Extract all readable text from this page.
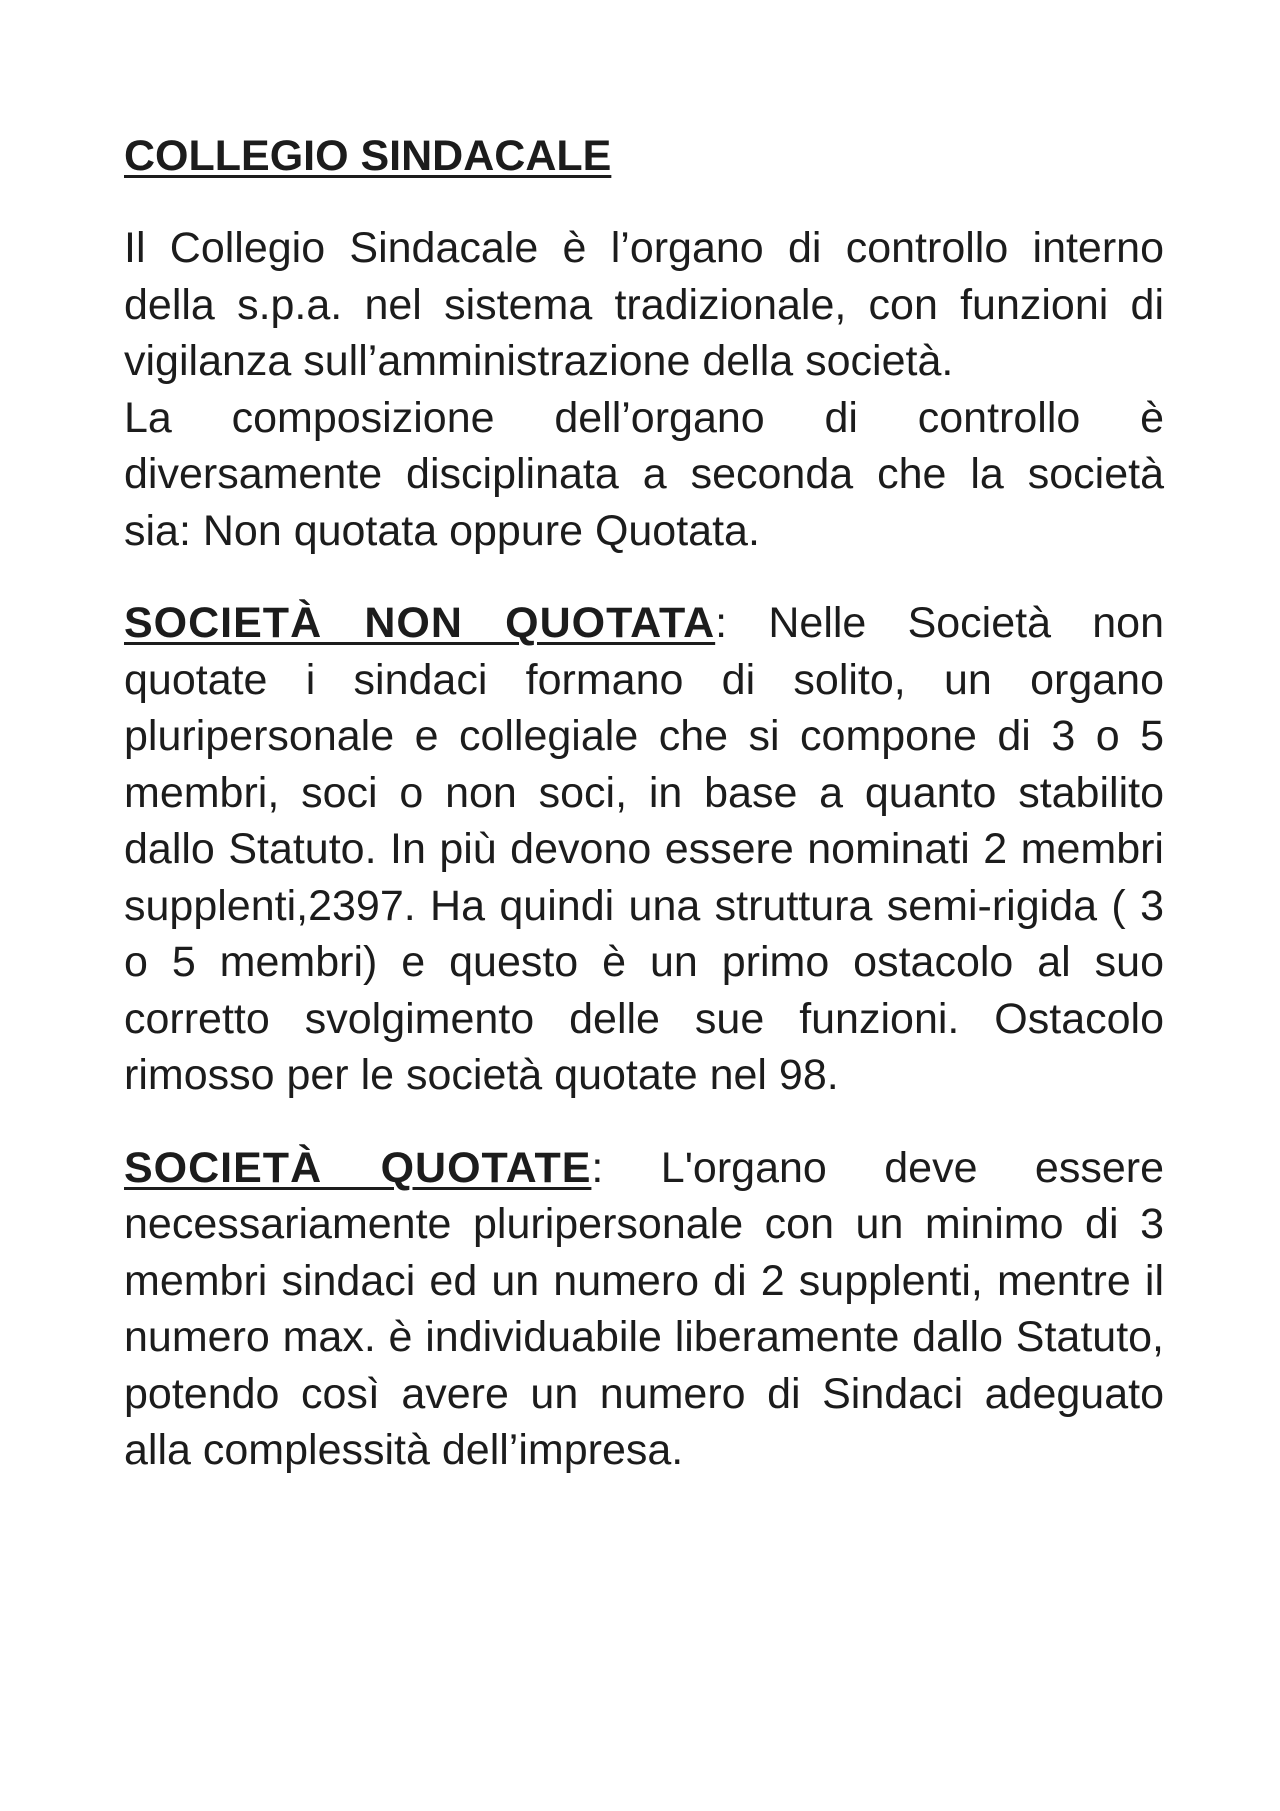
COLLEGIO SINDACALE

Il Collegio Sindacale è l’organo di controllo interno della s.p.a. nel sistema tradizionale, con funzioni di vigilanza sull’amministrazione della società.

La composizione dell’organo di controllo è diversamente disciplinata a seconda che la società sia: Non quotata oppure Quotata.

SOCIETÀ NON QUOTATA: Nelle Società non quotate i sindaci formano di solito, un organo pluripersonale e collegiale che si compone di 3 o 5 membri, soci o non soci, in base a quanto stabilito dallo Statuto. In più devono essere nominati 2 membri supplenti,2397. Ha quindi una struttura semi-rigida ( 3 o 5 membri) e questo è un primo ostacolo al suo corretto svolgimento delle sue funzioni. Ostacolo rimosso per le società quotate nel 98.

SOCIETÀ QUOTATE: L'organo deve essere necessariamente pluripersonale con un minimo di 3 membri sindaci ed un numero di 2 supplenti, mentre il numero max. è individuabile liberamente dallo Statuto, potendo così avere un numero di Sindaci adeguato alla complessità dell’impresa.
